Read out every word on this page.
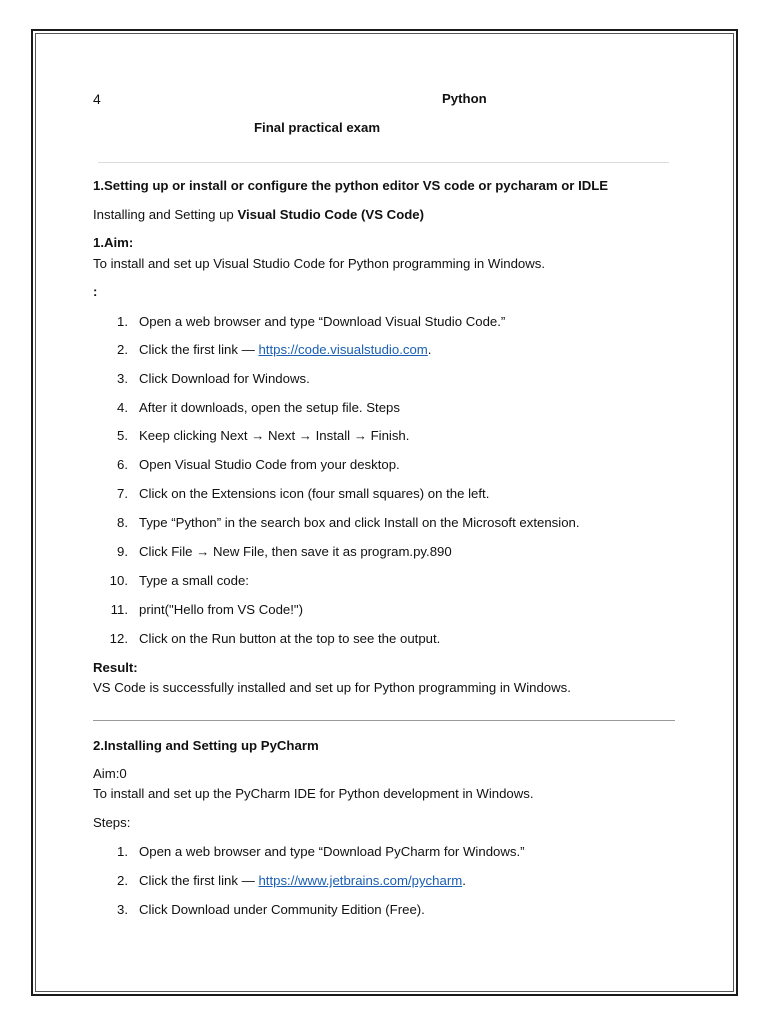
4	Python
Final practical exam
1.Setting up or install or configure the python editor VS code or pycharam or IDLE
Installing and Setting up Visual Studio Code (VS Code)
1.Aim:
To install and set up Visual Studio Code for Python programming in Windows.
:
1. Open a web browser and type “Download Visual Studio Code.”
2. Click the first link — https://code.visualstudio.com.
3. Click Download for Windows.
4. After it downloads, open the setup file. Steps
5. Keep clicking Next → Next → Install → Finish.
6. Open Visual Studio Code from your desktop.
7. Click on the Extensions icon (four small squares) on the left.
8. Type “Python” in the search box and click Install on the Microsoft extension.
9. Click File → New File, then save it as program.py.890
10. Type a small code:
11. print("Hello from VS Code!")
12. Click on the Run button at the top to see the output.
Result:
VS Code is successfully installed and set up for Python programming in Windows.
2.Installing and Setting up PyCharm
Aim:0
To install and set up the PyCharm IDE for Python development in Windows.
Steps:
1. Open a web browser and type “Download PyCharm for Windows.”
2. Click the first link — https://www.jetbrains.com/pycharm.
3. Click Download under Community Edition (Free).
